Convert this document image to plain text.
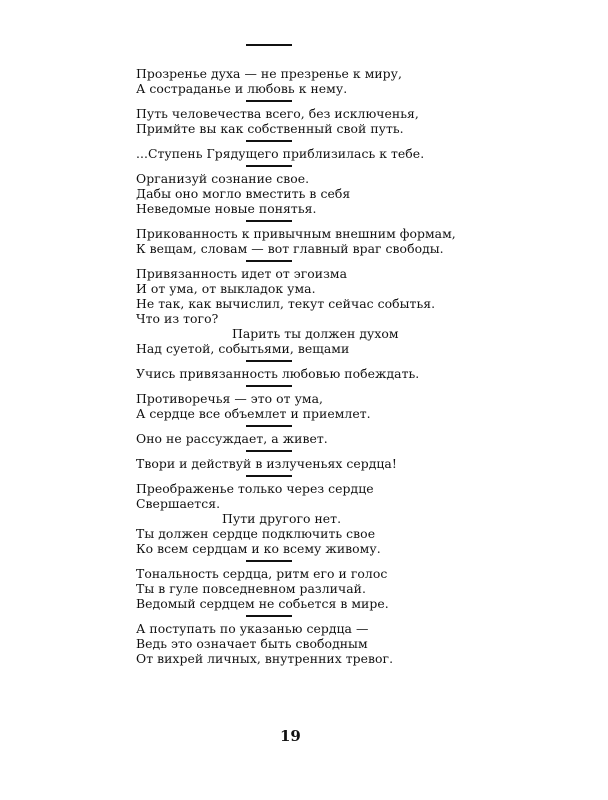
Прозренье духа — не презренье к миру,
А состраданье и любовь к нему.
Путь человечества всего, без исключенья,
Примйте вы как собственный свой путь.
...Ступень Грядущего приблизилась к тебе.
Организуй сознание свое.
Дабы оно могло вместить в себя
Неведомые новые понятья.
Прикованность к привычным внешним формам,
К вещам, словам — вот главный враг свободы.
Привязанность идет от эгоизма
И от ума, от выкладок ума.
Не так, как вычислил, текут сейчас событья.
Что из того?
Парить ты должен духом
Над суетой, событьями, вещами
Учись привязанность любовью побеждать.
Противоречья — это от ума,
А сердце все объемлет и приемлет.
Оно не рассуждает, а живет.
Твори и действуй в излученьях сердца!
Преображенье только через сердце
Свершается.
Пути другого нет.
Ты должен сердце подключить свое
Ко всем сердцам и ко всему живому.
Тональность сердца, ритм его и голос
Ты в гуле повседневном различай.
Ведомый сердцем не собьется в мире.
А поступать по указанью сердца —
Ведь это означает быть свободным
От вихрей личных, внутренних тревог.
19
